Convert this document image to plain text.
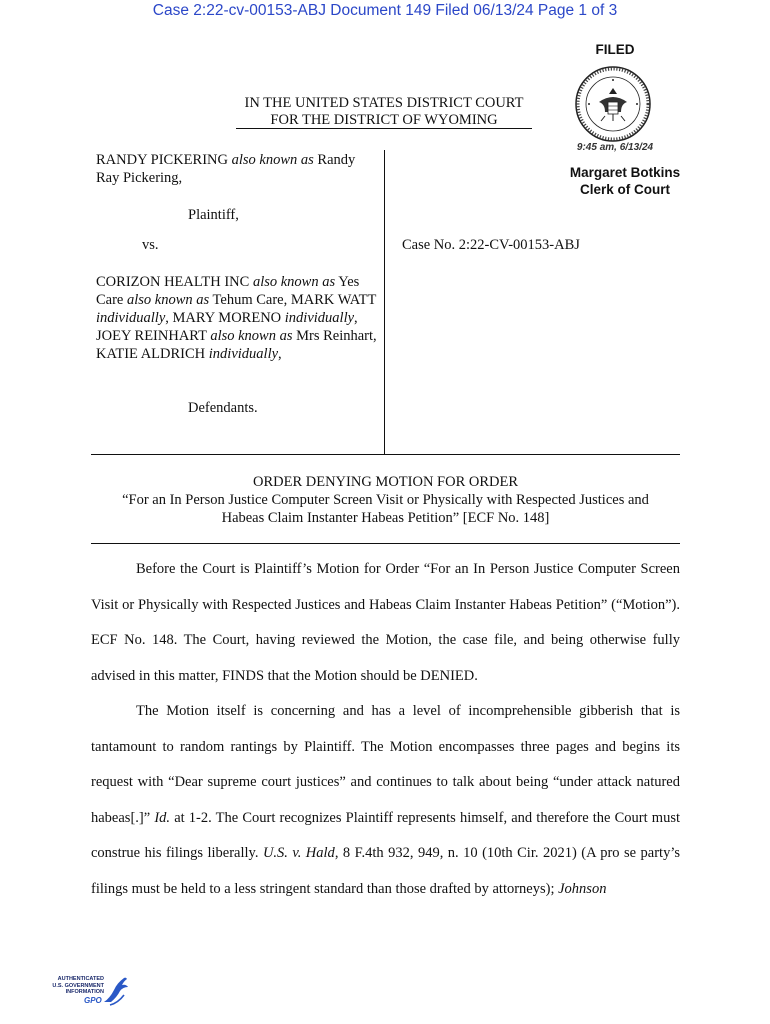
Case 2:22-cv-00153-ABJ Document 149 Filed 06/13/24 Page 1 of 3
FILED
9:45 am, 6/13/24
Margaret Botkins
Clerk of Court
IN THE UNITED STATES DISTRICT COURT
FOR THE DISTRICT OF WYOMING
RANDY PICKERING also known as Randy Ray Pickering,
Plaintiff,
vs.
CORIZON HEALTH INC also known as Yes Care also known as Tehum Care, MARK WATT individually, MARY MORENO individually, JOEY REINHART also known as Mrs Reinhart, KATIE ALDRICH individually,
Defendants.
Case No. 2:22-CV-00153-ABJ
ORDER DENYING MOTION FOR ORDER
“For an In Person Justice Computer Screen Visit or Physically with Respected Justices and Habeas Claim Instanter Habeas Petition” [ECF No. 148]
Before the Court is Plaintiff’s Motion for Order “For an In Person Justice Computer Screen Visit or Physically with Respected Justices and Habeas Claim Instanter Habeas Petition” (“Motion”). ECF No. 148. The Court, having reviewed the Motion, the case file, and being otherwise fully advised in this matter, FINDS that the Motion should be DENIED.
The Motion itself is concerning and has a level of incomprehensible gibberish that is tantamount to random rantings by Plaintiff. The Motion encompasses three pages and begins its request with “Dear supreme court justices” and continues to talk about being “under attack natured habeas[.]” Id. at 1-2. The Court recognizes Plaintiff represents himself, and therefore the Court must construe his filings liberally. U.S. v. Hald, 8 F.4th 932, 949, n. 10 (10th Cir. 2021) (A pro se party’s filings must be held to a less stringent standard than those drafted by attorneys); Johnson
AUTHENTICATED
U.S. GOVERNMENT
INFORMATION
GPO
